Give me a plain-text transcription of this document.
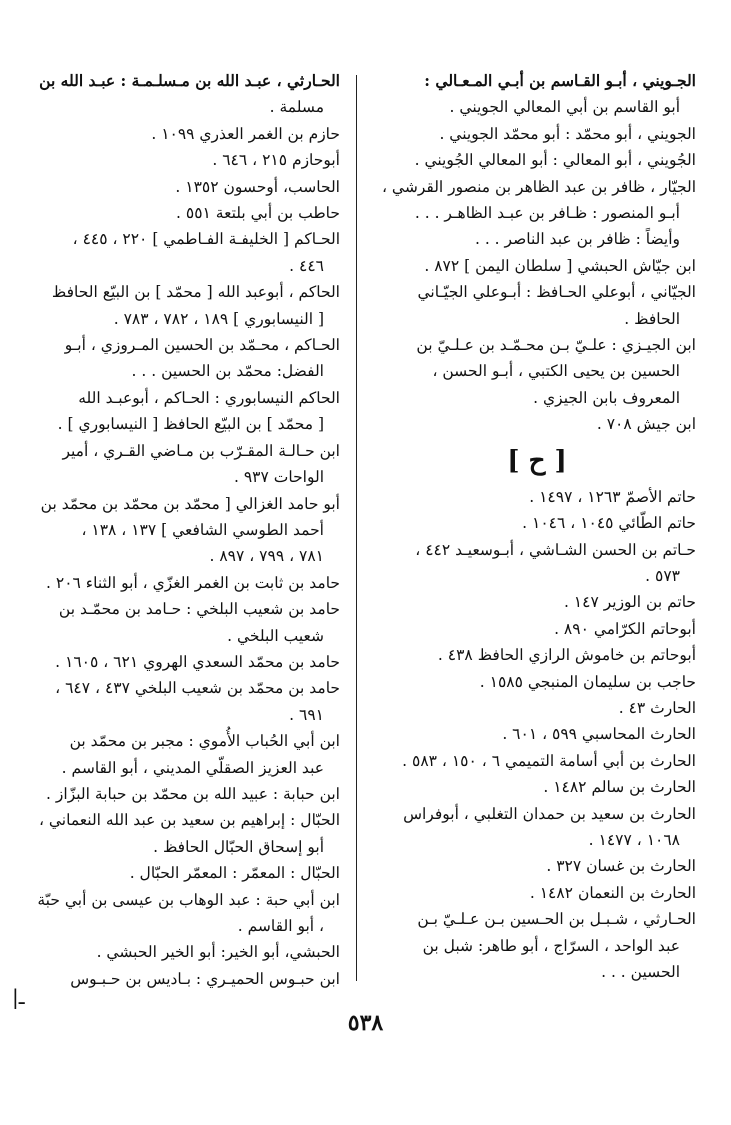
الجـويني ، أبـو القـاسم بن أبـي المـعـالي :
أبو القاسم بن أبي المعالي الجويني .

الجويني ، أبو محمّد : أبو محمّد الجويني .

الجُويني ، أبو المعالي : أبو المعالي الجُويني .

الجيّار ، ظافر بن عبد الظاهر بن منصور القرشي ،
أبـو المنصور : ظـافر بن عبـد الظاهـر . . .
وأيضاً : ظافر بن عبد الناصر . . .

ابن جيّاش الحبشي [ سلطان اليمن ] ٨٧٢ .

الجيّاني ، أبوعلي الحـافظ : أبـوعلي الجيّـاني
الحافظ .

ابن الجيـزي : علـيّ بـن محـمّـد بن عـلـيّ بن
الحسين بن يحيى الكتبي ، أبـو الحسن ،
المعروف بابن الجيزي .

ابن جيش ٧٠٨ .

[ ح ]

حاتم الأصمّ ١٢٦٣ ، ١٤٩٧ .

حاتم الطّائي ١٠٤٥ ، ١٠٤٦ .

حـاتم بن الحسن الشـاشي ، أبـوسعيـد ٤٤٢ ،
٥٧٣ .

حاتم بن الوزير ١٤٧ .

أبوحاتم الكرّامي ٨٩٠ .

أبوحاتم بن خاموش الرازي الحافظ ٤٣٨ .

حاجب بن سليمان المنبجي ١٥٨٥ .

الحارث ٤٣ .

الحارث المحاسبي ٥٩٩ ، ٦٠١ .

الحارث بن أبي أسامة التميمي ٦ ، ١٥٠ ، ٥٨٣ .

الحارث بن سالم ١٤٨٢ .

الحارث بن سعيد بن حمدان التغلبي ، أبوفراس
١٠٦٨ ، ١٤٧٧ .

الحارث بن غسان ٣٢٧ .

الحارث بن النعمان ١٤٨٢ .

الحـارثي ، شـبـل بن الحـسين بـن عـلـيّ بـن
عبد الواحد ، السرّاج ، أبو طاهر: شبل بن
الحسين . . .

الحـارثي ، عبـد الله بن مـسلـمـة : عبـد الله بن
مسلمة .

حازم بن الغمر العذري ١٠٩٩ .

أبوحازم ٢١٥ ، ٦٤٦ .

الحاسب، أوحسون ١٣٥٢ .

حاطب بن أبي بلتعة ٥٥١ .

الحـاكم [ الخليفـة الفـاطمي ] ٢٢٠ ، ٤٤٥ ،
٤٤٦ .

الحاكم ، أبوعبد الله [ محمّد ] بن البيّع الحافظ
[ النيسابوري ] ١٨٩ ، ٧٨٢ ، ٧٨٣ .

الحـاكم ، محـمّد بن الحسين المـروزي ، أبـو
الفضل: محمّد بن الحسين . . .

الحاكم النيسابوري : الحـاكم ، أبوعبـد الله
[ محمّد ] بن البيّع الحافظ [ النيسابوري ] .

ابن حـالـة المقـرّب بن مـاضي القـري ، أمير
الواحات ٩٣٧ .

أبو حامد الغزالي [ محمّد بن محمّد بن محمّد بن
أحمد الطوسي الشافعي ] ١٣٧ ، ١٣٨ ،
٧٨١ ، ٧٩٩ ، ٨٩٧ .

حامد بن ثابت بن الغمر الغزّي ، أبو الثناء ٢٠٦ .

حامد بن شعيب البلخي : حـامد بن محمّـد بن
شعيب البلخي .

حامد بن محمّد السعدي الهروي ٦٢١ ، ١٦٠٥ .

حامد بن محمّد بن شعيب البلخي ٤٣٧ ، ٦٤٧ ،
٦٩١ .

ابن أبي الحُباب الأُموي : مجبر بن محمّد بن
عبد العزيز الصقلّي المديني ، أبو القاسم .

ابن حبابة : عبيد الله بن محمّد بن حبابة البزّاز .

الحبّال : إبراهيم بن سعيد بن عبد الله النعماني ،
أبو إسحاق الحبّال الحافظ .

الحبّال : المعمّر : المعمّر الحبّال .

ابن أبي حبة : عبد الوهاب بن عيسى بن أبي حبّة
، أبو القاسم .

الحبشي، أبو الخير: أبو الخير الحبشي .

ابن حبـوس الحميـري : بـاديس بن حـبـوس

|ـ
٥٣٨
